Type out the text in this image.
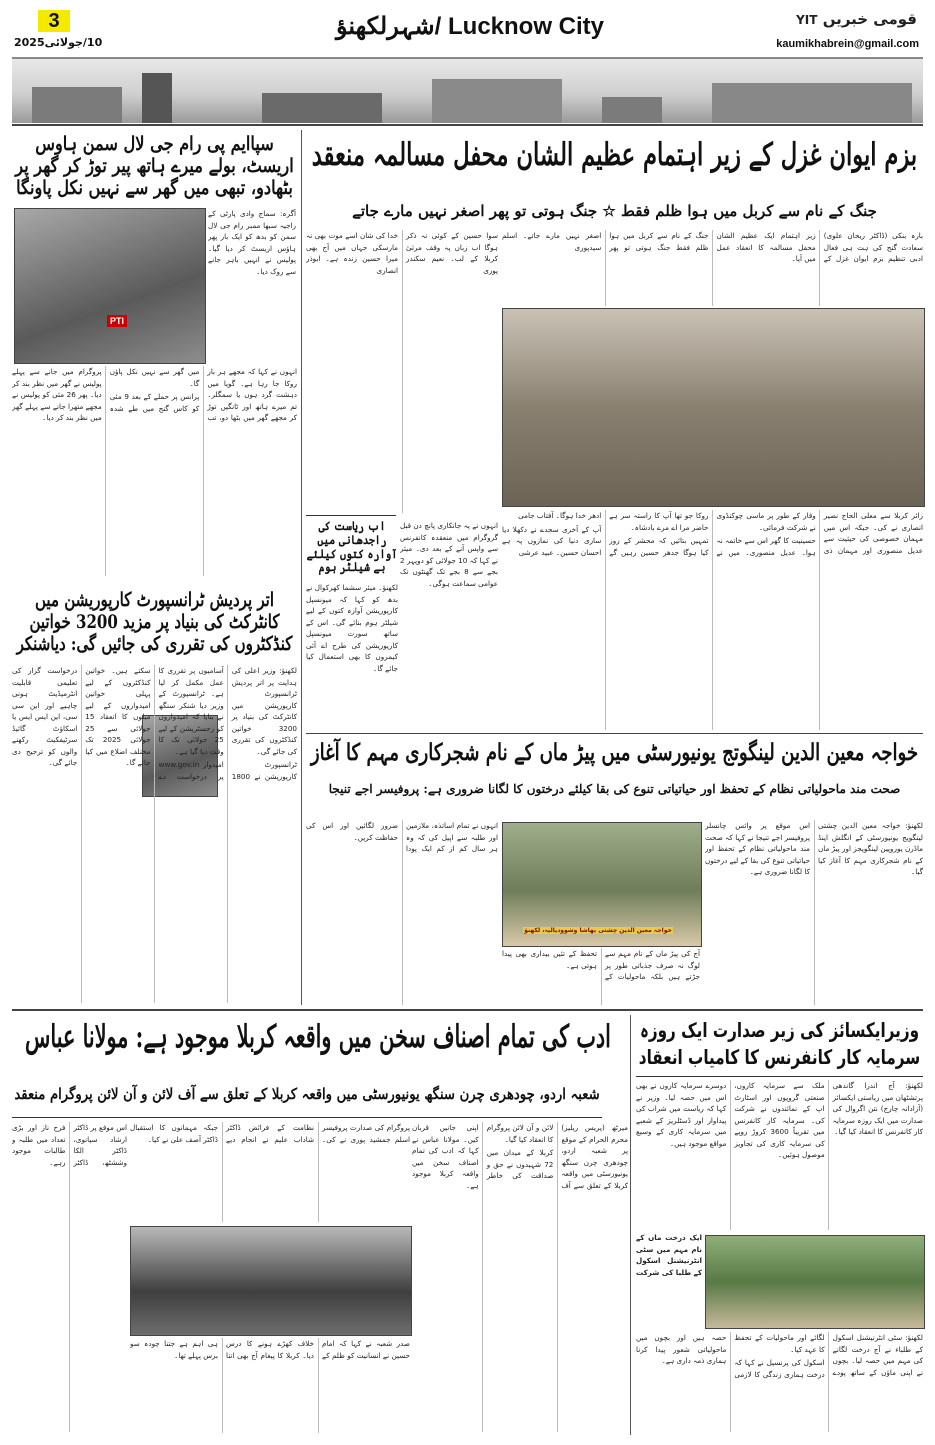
3
10/جولائی2025
شہرلکھنؤ/ Lucknow City	قومی خبریں YIT
kaumikhabrein@gmail.com
سپاایم پی رام جی لال سمن ہاوس اریسٹ، بولے میرے ہاتھ پیر توڑ کر گھر پر بٹھادو، تبھی میں گھر سے نہیں نکل پاونگا
PTI

آگرہ: سماج وادی پارٹی کے راجیہ سبھا ممبر رام جی لال سمن کو بدھ کو ایک بار پھر ہاؤس اریسٹ کر دیا گیا۔ پولیس نے انہیں باہر جانے سے روک دیا۔

انہوں نے کہا کہ مجھے ہر بار روکا جا رہا ہے۔ گویا میں دہشت گرد ہوں یا سمگلر۔ تم میرے ہاتھ اور ٹانگیں توڑ کر مجھے گھر میں بٹھا دو، تب میں گھر سے نہیں نکل پاؤں گا۔

پرانس پر حملے کے بعد 9 مئی کو کاس گنج میں طے شدہ پروگرام میں جانے سے پہلے پولیس نے گھر میں نظر بند کر دیا۔ پھر 26 مئی کو پولیس نے مجھے متھرا جانے سے پہلے گھر میں نظر بند کر دیا۔

اتر پردیش ٹرانسپورٹ کارپوریشن میں کانٹرکٹ کی بنیاد پر مزید 3200 خواتین کنڈکٹروں کی تقرری کی جائیں گی: دیاشنکر

لکھنؤ: وزیر اعلی کی ہدایت پر اتر پردیش ٹرانسپورٹ کارپوریشن میں کانٹرکٹ کی بنیاد پر 3200 خواتین کنڈکٹروں کی تقرری کی جائے گی۔

ٹرانسپورٹ کارپوریشن نے 1800 آسامیوں پر تقرری کا عمل مکمل کر لیا ہے۔ ٹرانسپورٹ کے وزیر دیا شنکر سنگھ نے بتایا کہ امیدواروں کو رجسٹریشن کے لیے 25 جولائی تک کا وقت دیا گیا ہے۔

امیدوار www.gov.in پر درخواست دے سکتے ہیں۔ خواتین کنڈکٹروں کے لیے پہلی خواتین امیدواروں کے لیے میلوں کا انعقاد 15 جولائی سے 25 جولائی 2025 تک مختلف اضلاع میں کیا جائے گا۔

درخواست گزار کی تعلیمی قابلیت انٹرمیڈیٹ ہونی چاہیے اور این سی سی، این ایس ایس یا اسکاؤٹ گائیڈ سرٹیفکیٹ رکھنے والوں کو ترجیح دی جائے گی۔

بزم ایوان غزل کے زیر اہتمام عظیم الشان محفل مسالمہ منعقد
جنگ کے نام سے کربل میں ہوا ظلم فقط ☆ جنگ ہوتی تو پھر اصغر نہیں مارے جاتے

بارہ بنکی (ڈاکٹر ریحان علوی) سعادت گنج کی ہت ہی فعال ادبی تنظیم بزم ایوان غزل کے زیر اہتمام ایک عظیم الشان محفل مسالمہ کا انعقاد عمل میں آیا۔

جنگ کے نام سے کربل میں ہوا ظلم فقط جنگ ہوتی تو پھر اصغر نہیں مارے جاتے۔ اسلم سیدپوری

سوا حسین کے کوئی نہ ذکر ہوگا اب زباں پہ وقف مرثیٔ کربلا کے لب۔ نعیم سکندر پوری

خدا کی شان اسے موت بھی نہ مارسکی جہاں میں آج بھی میرا حسین زندہ ہے۔ ابوذر انصاری

زائر کربلا سے معلی الحاج نصیر انصاری نے کی۔ جبکہ اس میں مہمان خصوصی کی حیثیت سے عدیل منصوری اور مہمان ذی وقار کے طور پر ماسی چوکنڈوی نے شرکت فرمائی۔

حسینیت کا گھر اس سے خاتمہ نہ ہوا۔ عدیل منصوری۔ میں نے روکا جو تھا آپ کا راستہ سر ہے حاضر مرا اے مرے بادشاہ۔

تمہیں بتائیں کہ محشر کے روز کیا ہوگا جدھر حسین رہیں گے ادھر خدا ہوگا۔ آفتاب جامی

آپ کے آخری سجدے نے دکھلا دیا ساری دنیا کی نمازوں پہ ہے احسان حسین۔ عبید عرشی

اب ریاست کی راجدھانی میں آوارہ کتوں کیلئے بے شیلٹر ہوم

انہوں نے یہ جانکاری پانچ دن قبل گروگرام میں منعقدہ کانفرنس سے واپس آنے کے بعد دی۔ میئر نے کہا کہ 10 جولائی کو دوپہر 2 بجے سے 8 بجے تک گھنٹوں تک عوامی سماعت ہوگی۔

لکھنؤ۔ میئر سشما کھرکوال نے بدھ کو کہا کہ میونسپل کارپوریشن آوارہ کتوں کے لیے شیلٹر ہوم بنائے گی۔ اس کے ساتھ سورت میونسپل کارپوریشن کی طرح اے آئی کیمروں کا بھی استعمال کیا جائے گا۔

خواجہ معین الدین لینگوتج یونیورسٹی میں پیڑ ماں کے نام شجرکاری مہم کا آغاز
صحت مند ماحولیاتی نظام کے تحفظ اور حیاتیاتی تنوع کی بقا کیلئے درختوں کا لگانا ضروری ہے: پروفیسر اجے تنیجا
خواجہ معین الدین چشتی بھاشا وشوودیالیہ، لکھنؤ

لکھنؤ: خواجہ معین الدین چشتی لینگویج یونیورسٹی کے انگلش اینڈ ماڈرن یوروپین لینگویجز اور پیڑ ماں کے نام شجرکاری مہم کا آغاز کیا گیا۔

اس موقع پر وائس چانسلر پروفیسر اجے تنیجا نے کہا کہ صحت مند ماحولیاتی نظام کے تحفظ اور حیاتیاتی تنوع کی بقا کے لیے درختوں کا لگانا ضروری ہے۔

انہوں نے تمام اساتذہ، ملازمین اور طلبہ سے اپیل کی کہ وہ ہر سال کم از کم ایک پودا ضرور لگائیں اور اس کی حفاظت کریں۔

آج کی پیڑ ماں کے نام مہم سے لوگ نہ صرف جذباتی طور پر جڑتے ہیں بلکہ ماحولیات کے تحفظ کے تئیں بیداری بھی پیدا ہوتی ہے۔

وزیرایکسائز کی زیر صدارت ایک روزہ سرمایہ کار کانفرنس کا کامیاب انعقاد

لکھنؤ: آج اندرا گاندھی پرتشٹھان میں ریاستی ایکسائز (آزادانہ چارج) نتن اگروال کی صدارت میں ایک روزہ سرمایہ کار کانفرنس کا انعقاد کیا گیا۔

ملک سے سرمایہ کاروں، صنعتی گروپوں اور اسٹارٹ اپ کے نمائندوں نے شرکت کی۔ سرمایہ کار کانفرنس میں تقریباً 3600 کروڑ روپے کی سرمایہ کاری کی تجاویز موصول ہوئیں۔

دوسرے سرمایہ کاروں نے بھی اس میں حصہ لیا۔ وزیر نے کہا کہ ریاست میں شراب کی پیداوار اور ڈسٹلریز کے شعبے میں سرمایہ کاری کے وسیع مواقع موجود ہیں۔

ایک درخت ماں کے نام مہم میں سٹی انٹرنیشنل اسکول کے طلبا کی شرکت

لکھنؤ: سٹی انٹرنیشنل اسکول کے طلباء نے آج درخت لگانے کی مہم میں حصہ لیا۔ بچوں نے اپنی ماؤں کے ساتھ پودے لگائے اور ماحولیات کے تحفظ کا عہد کیا۔

اسکول کی پرنسپل نے کہا کہ درخت ہماری زندگی کا لازمی حصہ ہیں اور بچوں میں ماحولیاتی شعور پیدا کرنا ہماری ذمہ داری ہے۔

ادب کی تمام اصناف سخن میں واقعہ کربلا موجود ہے: مولانا عباس
شعبہ اردو، چودھری چرن سنگھ یونیورسٹی میں واقعہ کربلا کے تعلق سے آف لائن و آن لائن پروگرام منعقد

میرٹھ (پریس ریلیز) محرم الحرام کے موقع پر شعبہ اردو، چودھری چرن سنگھ یونیورسٹی میں واقعہ کربلا کے تعلق سے آف لائن و آن لائن پروگرام کا انعقاد کیا گیا۔

کربلا کے میدان میں 72 شہیدوں نے حق و صداقت کی خاطر اپنی جانیں قربان کیں۔ مولانا عباس نے کہا کہ ادب کی تمام اصناف سخن میں واقعہ کربلا موجود ہے۔

پروگرام کی صدارت پروفیسر اسلم جمشید پوری نے کی۔ نظامت کے فرائض ڈاکٹر شاداب علیم نے انجام دیے جبکہ مہمانوں کا استقبال ڈاکٹر آصف علی نے کیا۔

صدر شعبہ نے کہا کہ امام حسین نے انسانیت کو ظلم کے خلاف کھڑے ہونے کا درس دیا۔ کربلا کا پیغام آج بھی اتنا ہی اہم ہے جتنا چودہ سو برس پہلے تھا۔

اس موقع پر ڈاکٹر ارشاد سیانوی، ڈاکٹر الکا وششٹھ، ڈاکٹر فرح ناز اور بڑی تعداد میں طلبہ و طالبات موجود رہے۔
